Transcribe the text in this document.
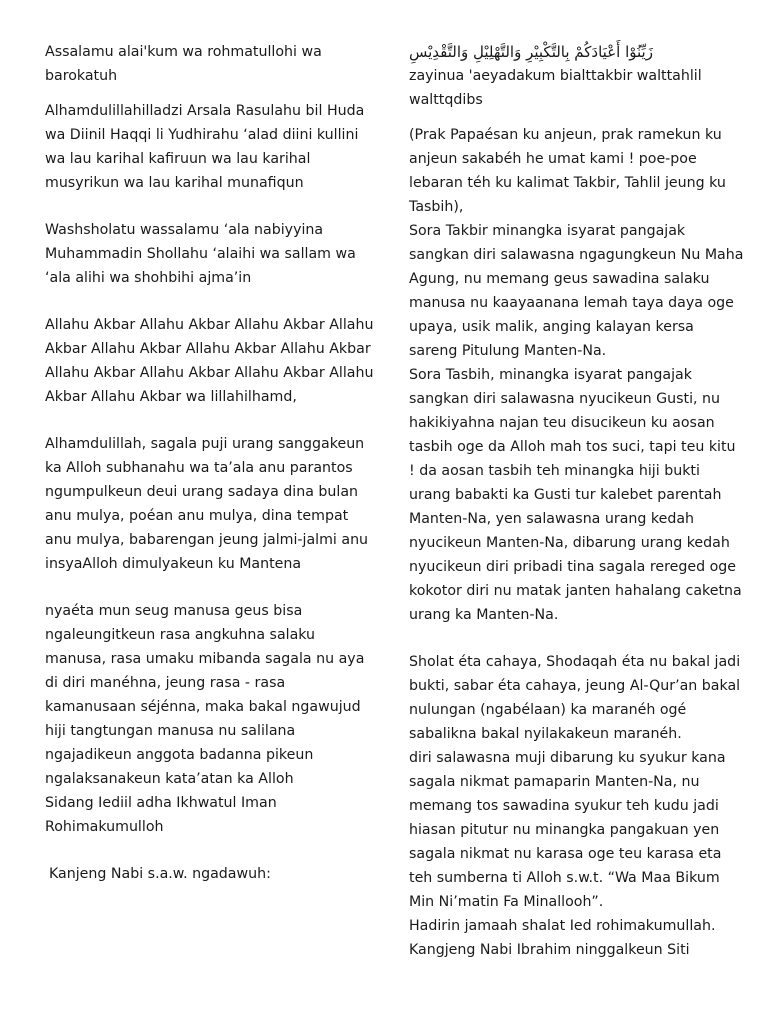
Assalamu alai'kum wa rohmatullohi wa barokatuh

Alhamdulillahilladzi Arsala Rasulahu bil Huda wa Diinil Haqqi li Yudhirahu ‘alad diini kullini wa lau karihal kafiruun wa lau karihal musyrikun wa lau karihal munafiqun

Washsholatu wassalamu ‘ala nabiyyina Muhammadin Shollahu ‘alaihi wa sallam wa ‘ala alihi wa shohbihi ajma’in

Allahu Akbar Allahu Akbar Allahu Akbar Allahu Akbar Allahu Akbar Allahu Akbar Allahu Akbar Allahu Akbar Allahu Akbar Allahu Akbar Allahu Akbar Allahu Akbar wa lillahilhamd,

Alhamdulillah, sagala puji urang sanggakeun ka Alloh subhanahu wa ta’ala anu parantos ngumpulkeun deui urang sadaya dina bulan anu mulya, poéan anu mulya, dina tempat anu mulya, babarengan jeung jalmi-jalmi anu insyaAlloh dimulyakeun ku Mantena

nyaéta mun seug manusa geus bisa ngaleungitkeun rasa angkuhna salaku manusa, rasa umaku mibanda sagala nu aya di diri manéhna, jeung rasa - rasa kamanusaan séjénna, maka bakal ngawujud hiji tangtungan manusa nu salilana ngajadikeun anggota badanna pikeun ngalaksanakeun kata’atan ka Alloh

Sidang Iediil adha Ikhwatul Iman Rohimakumulloh

Kanjeng Nabi s.a.w. ngadawuh:

زَيِّنُوْا أَعْيَادَكُمْ بِالتَّكْبِيْرِ وَالتَّهْلِيْلِ وَالتَّقْدِيْسِ

zayinua 'aeyadakum bialttakbir walttahlil walttqdibs

(Prak Papaésan ku anjeun, prak ramekun ku anjeun sakabéh he umat kami ! poe-poe lebaran téh ku kalimat Takbir, Tahlil jeung ku Tasbih),

Sora Takbir minangka isyarat pangajak sangkan diri salawasna ngagungkeun Nu Maha Agung, nu memang geus sawadina salaku manusa nu kaayaanana lemah taya daya oge upaya, usik malik, anging kalayan kersa sareng Pitulung Manten-Na.

Sora Tasbih, minangka isyarat pangajak sangkan diri salawasna nyucikeun Gusti, nu hakikiyahna najan teu disucikeun ku aosan tasbih oge da Alloh mah tos suci, tapi teu kitu ! da aosan tasbih teh minangka hiji bukti urang babakti ka Gusti tur kalebet parentah Manten-Na, yen salawasna urang kedah nyucikeun Manten-Na, dibarung urang kedah nyucikeun diri pribadi tina sagala rereged oge kokotor diri nu matak janten hahalang caketna urang ka Manten-Na.

Sholat éta cahaya, Shodaqah éta nu bakal jadi bukti, sabar éta cahaya, jeung Al-Qur’an bakal nulungan (ngabélaan) ka maranéh ogé sabalikna bakal nyilakakeun maranéh.

diri salawasna muji dibarung ku syukur kana sagala nikmat pamaparin Manten-Na, nu memang tos sawadina syukur teh kudu jadi hiasan pitutur nu minangka pangakuan yen sagala nikmat nu karasa oge teu karasa eta teh sumberna ti Alloh s.w.t. “Wa Maa Bikum Min Ni’matin Fa Minallooh”.

Hadirin jamaah shalat Ied rohimakumullah.

Kangjeng Nabi Ibrahim ninggalkeun Siti
